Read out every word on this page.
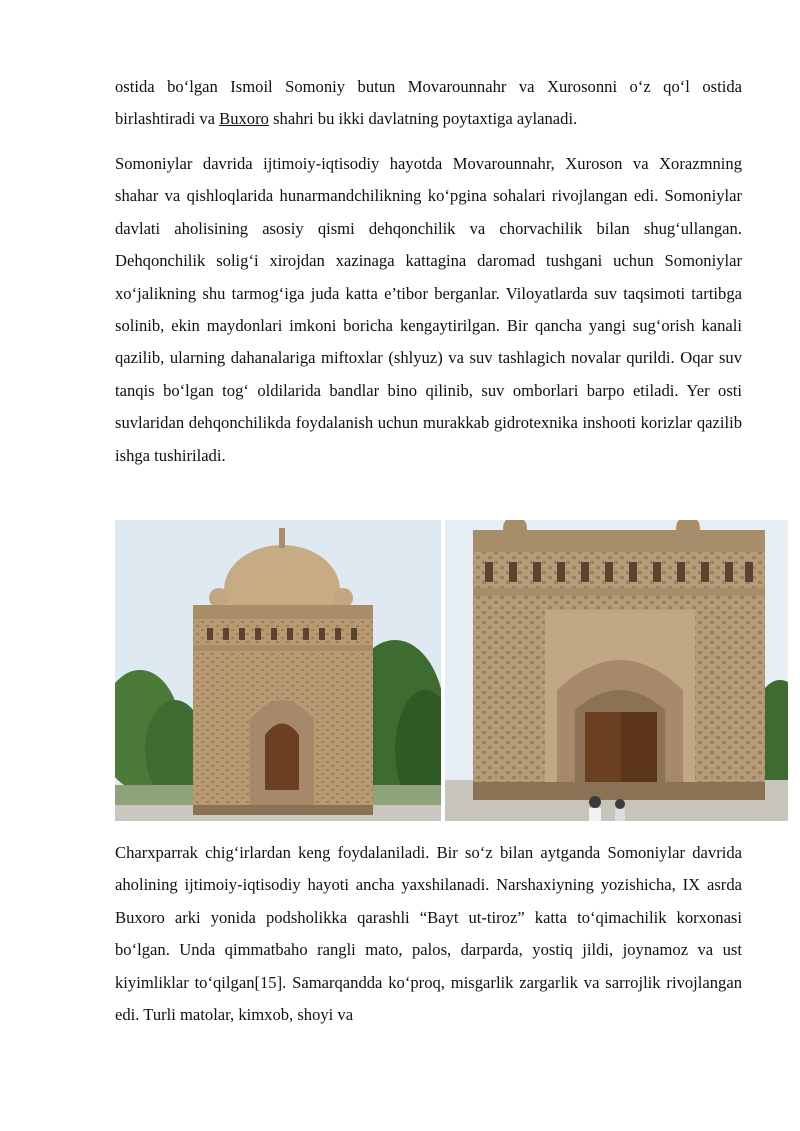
ostida bo‘lgan Ismoil Somoniy butun Movarounnahr va Xurosonni o‘z qo‘l ostida birlashtiradi va Buxoro shahri bu ikki davlatning poytaxtiga aylanadi.

Somoniylar davrida ijtimoiy-iqtisodiy hayotda Movarounnahr, Xuroson va Xorazmning shahar va qishloqlarida hunarmandchilikning ko‘pgina sohalari rivojlangan edi. Somoniylar davlati aholisining asosiy qismi dehqonchilik va chorvachilik bilan shug‘ullangan. Dehqonchilik solig‘i xirojdan xazinaga kattagina daromad tushgani uchun Somoniylar xo‘jalikning shu tarmog‘iga juda katta e’tibor berganlar. Viloyatlarda suv taqsimoti tartibga solinib, ekin maydonlari imkoni boricha kengaytirilgan. Bir qancha yangi sug‘orish kanali qazilib, ularning dahanalariga miftoxlar (shlyuz) va suv tashlagich novalar qurildi. Oqar suv tanqis bo‘lgan tog‘ oldilarida bandlar bino qilinib, suv omborlari barpo etiladi. Yer osti suvlaridan dehqonchilikda foydalanish uchun murakkab gidrotexnika inshooti korizlar qazilib ishga tushiriladi.

Charxparrak chig‘irlardan keng foydalaniladi. Bir so‘z bilan aytganda Somoniylar davrida aholining ijtimoiy-iqtisodiy hayoti ancha yaxshilanadi. Narshaxiyning yozishicha, IX asrda Buxoro arki yonida podsholikka qarashli “Bayt ut-tiroz” katta to‘qimachilik korxonasi bo‘lgan. Unda qimmatbaho rangli mato, palos, darparda, yostiq jildi, joynamoz va ust kiyimliklar to‘qilgan[15]. Samarqandda ko‘proq, misgarlik zargarlik va sarrojlik rivojlangan edi. Turli matolar, kimxob, shoyi va
